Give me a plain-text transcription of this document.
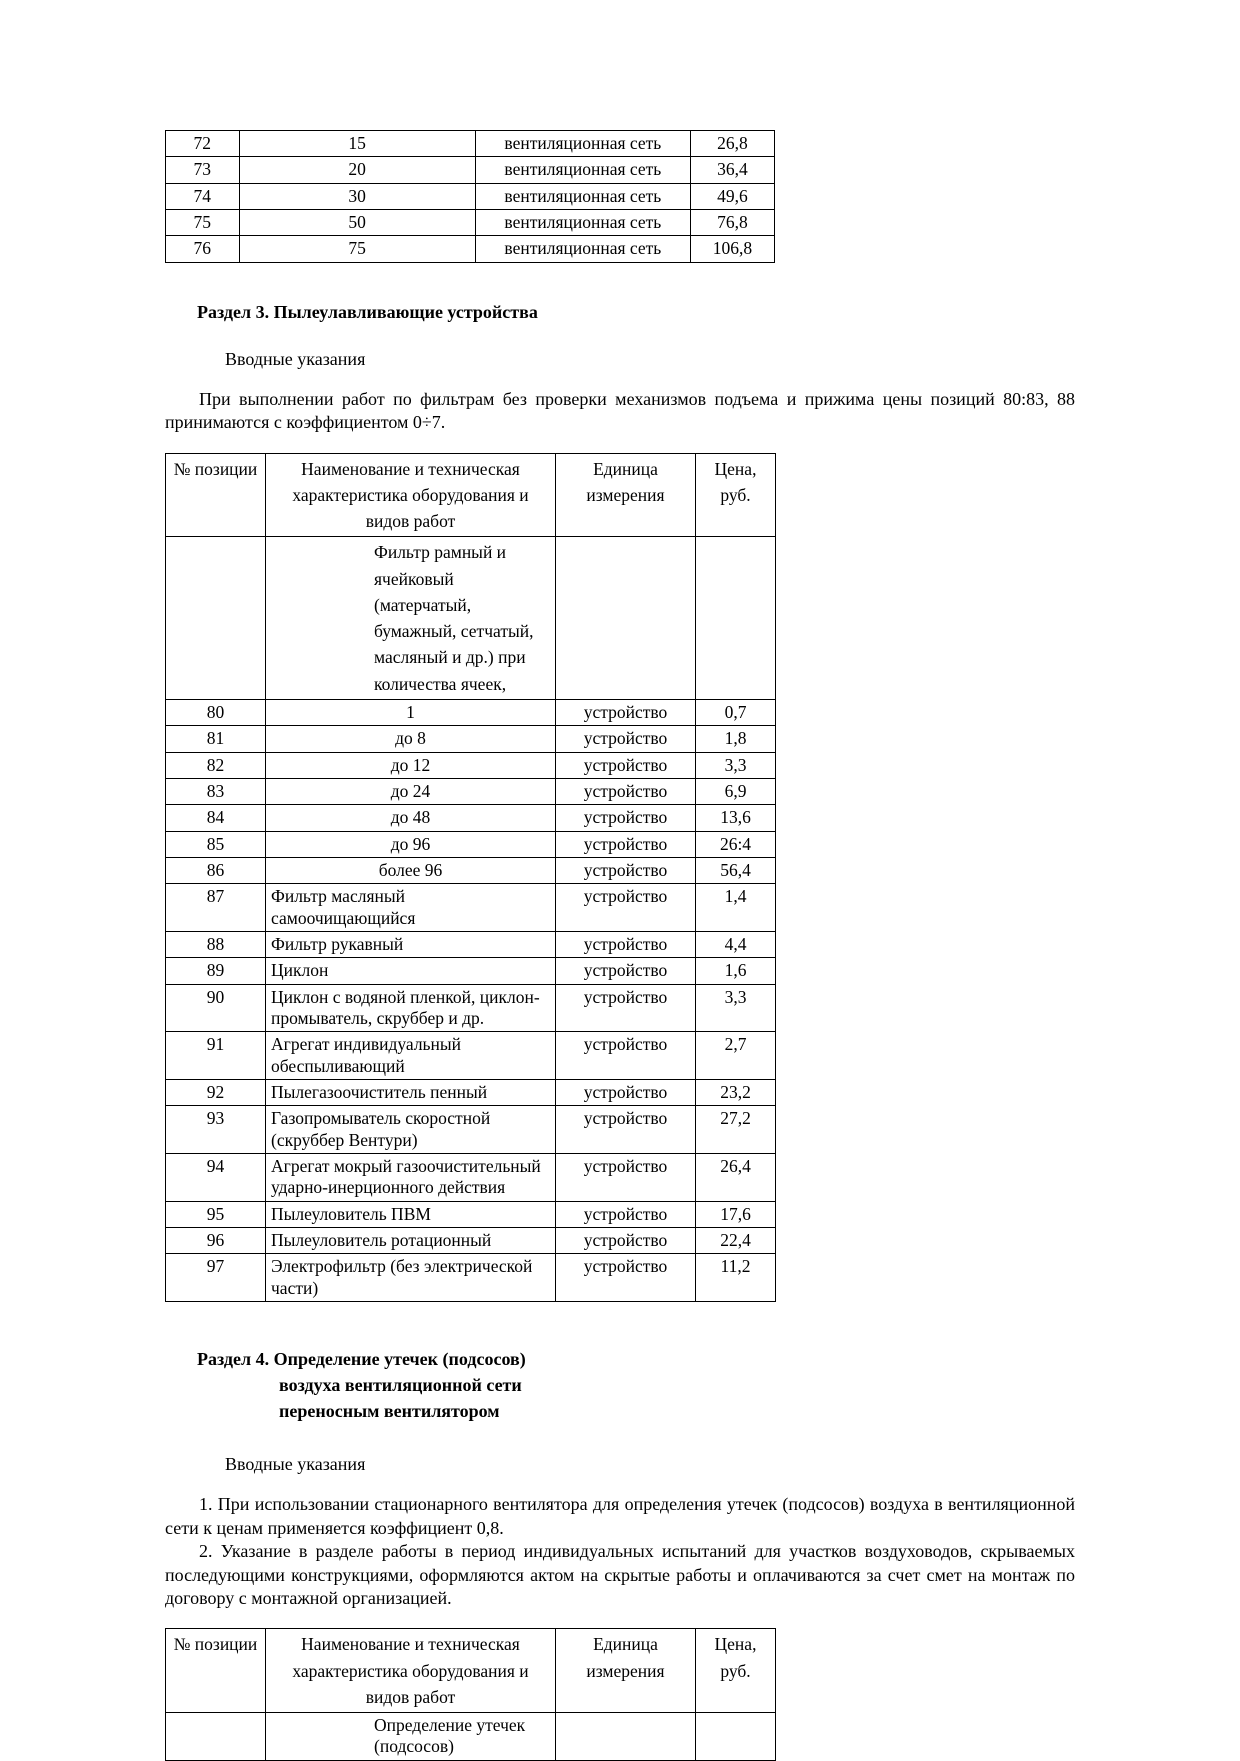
72	15	вентиляционная сеть	26,8
73	20	вентиляционная сеть	36,4
74	30	вентиляционная сеть	49,6
75	50	вентиляционная сеть	76,8
76	75	вентиляционная сеть	106,8
Раздел 3. Пылеулавливающие устройства
Вводные указания

При выполнении работ по фильтрам без проверки механизмов подъема и прижима цены позиций 80:83, 88 принимаются с коэффициентом 0÷7.

№ позиции	Наименование и техническая характеристика оборудования и видов работ	Единица измерения	Цена, руб.
	Фильтр рамный и ячейковый (матерчатый, бумажный, сетчатый, масляный и др.) при количества ячеек,		
80	1	устройство	0,7
81	до 8	устройство	1,8
82	до 12	устройство	3,3
83	до 24	устройство	6,9
84	до 48	устройство	13,6
85	до 96	устройство	26:4
86	более 96	устройство	56,4
87	Фильтр масляный самоочищающийся	устройство	1,4
88	Фильтр рукавный	устройство	4,4
89	Циклон	устройство	1,6
90	Циклон с водяной пленкой, циклон-промыватель, скруббер и др.	устройство	3,3
91	Агрегат индивидуальный обеспыливающий	устройство	2,7
92	Пылегазоочиститель пенный	устройство	23,2
93	Газопромыватель скоростной (скруббер Вентури)	устройство	27,2
94	Агрегат мокрый газоочистительный ударно-инерционного действия	устройство	26,4
95	Пылеуловитель ПВМ	устройство	17,6
96	Пылеуловитель ротационный	устройство	22,4
97	Электрофильтр (без электрической части)	устройство	11,2
Раздел 4. Определение утечек (подсосов)
воздуха вентиляционной сети
переносным вентилятором
Вводные указания

1. При использовании стационарного вентилятора для определения утечек (подсосов) воздуха в вентиляционной сети к ценам применяется коэффициент 0,8.

2. Указание в разделе работы в период индивидуальных испытаний для участков воздуховодов, скрываемых последующими конструкциями, оформляются актом на скрытые работы и оплачиваются за счет смет на монтаж по договору с монтажной организацией.

№ позиции	Наименование и техническая характеристика оборудования и видов работ	Единица измерения	Цена, руб.
	Определение утечек (подсосов)		
